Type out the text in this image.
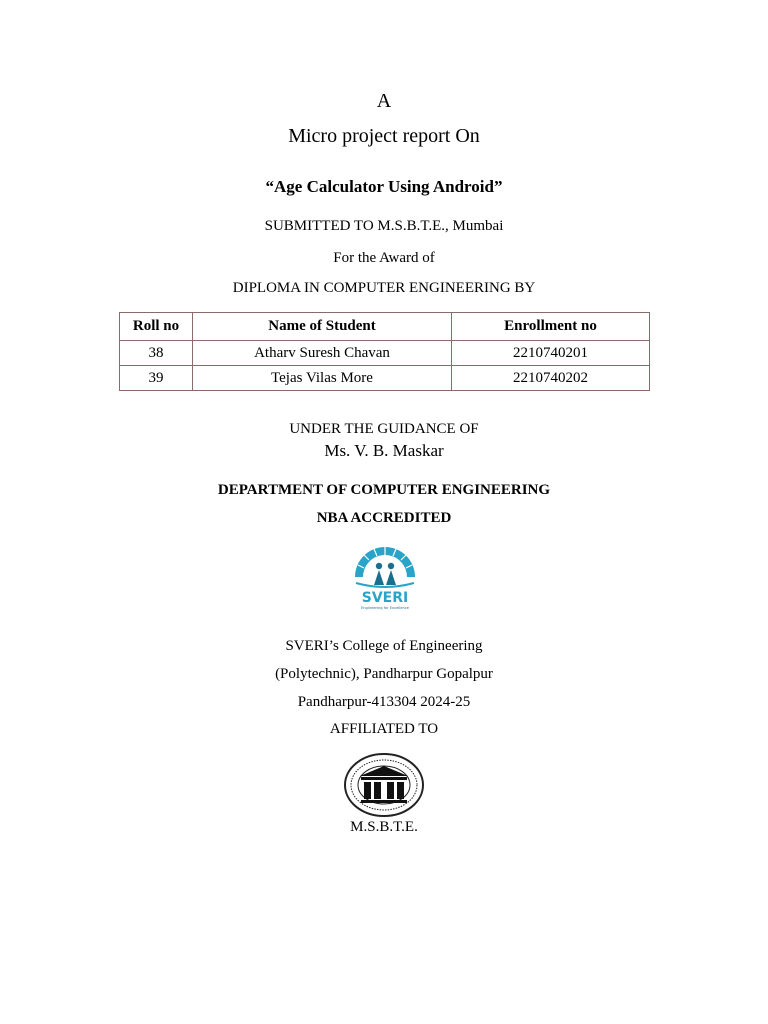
A
Micro project report On
“Age Calculator Using Android”
SUBMITTED TO M.S.B.T.E., Mumbai
For the Award of
DIPLOMA IN COMPUTER ENGINEERING BY
Roll no	Name of Student	Enrollment no
38	Atharv Suresh Chavan	2210740201
39	Tejas Vilas More	2210740202
UNDER THE GUIDANCE OF
Ms. V. B. Maskar
DEPARTMENT OF COMPUTER ENGINEERING
NBA ACCREDITED
SVERI
Engineering for Excellence
SVERI’s College of Engineering
(Polytechnic), Pandharpur Gopalpur
Pandharpur-413304 2024-25
AFFILIATED TO
M.S.B.T.E.
